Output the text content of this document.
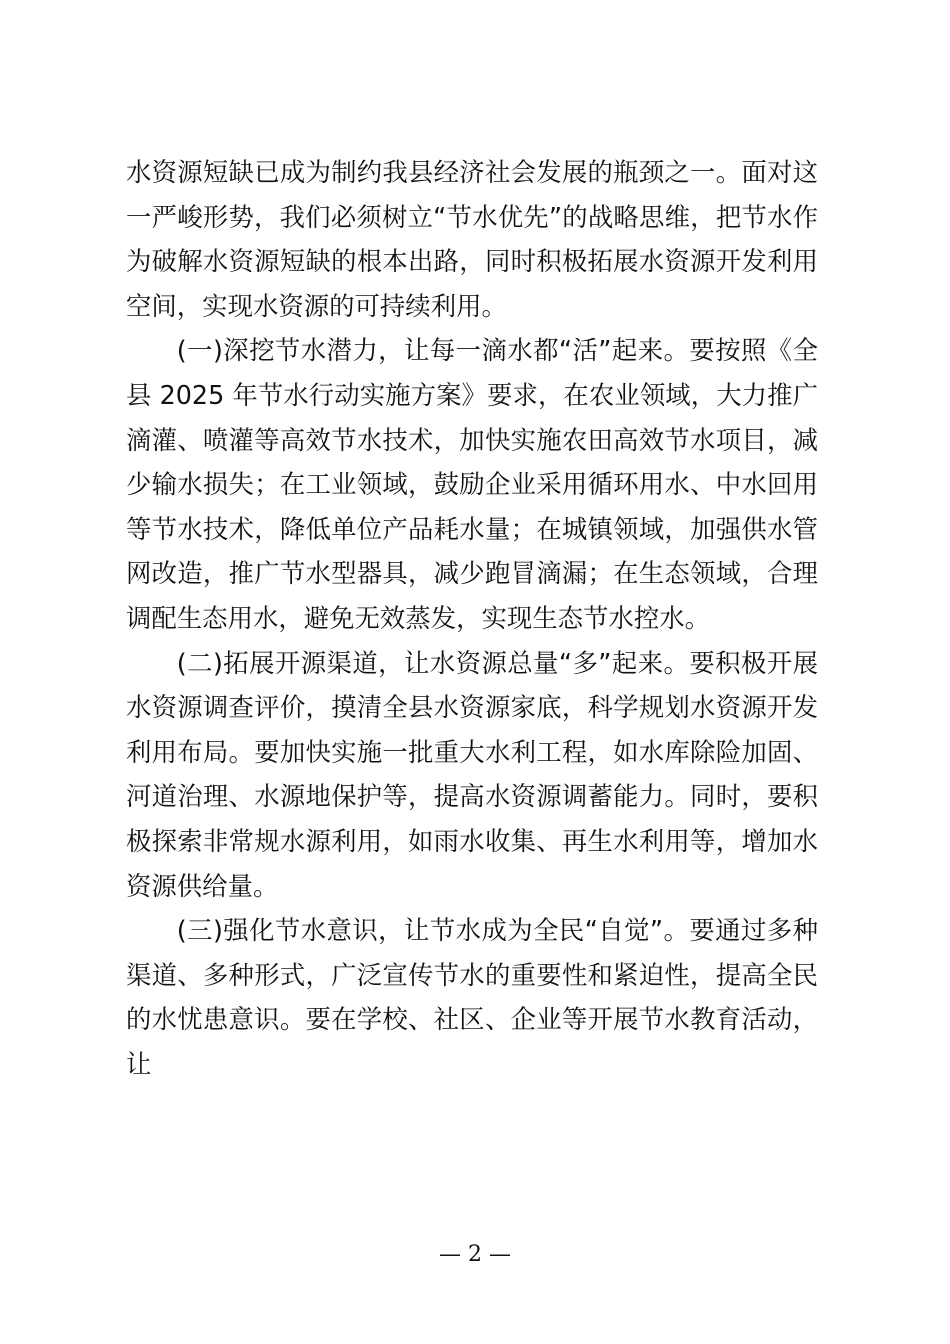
水资源短缺已成为制约我县经济社会发展的瓶颈之一。面对这一严峻形势，我们必须树立“节水优先”的战略思维，把节水作为破解水资源短缺的根本出路，同时积极拓展水资源开发利用空间，实现水资源的可持续利用。

(一)深挖节水潜力，让每一滴水都“活”起来。要按照《全县 2025 年节水行动实施方案》要求，在农业领域，大力推广滴灌、喷灌等高效节水技术，加快实施农田高效节水项目，减少输水损失；在工业领域，鼓励企业采用循环用水、中水回用等节水技术，降低单位产品耗水量；在城镇领域，加强供水管网改造，推广节水型器具，减少跑冒滴漏；在生态领域，合理调配生态用水，避免无效蒸发，实现生态节水控水。

(二)拓展开源渠道，让水资源总量“多”起来。要积极开展水资源调查评价，摸清全县水资源家底，科学规划水资源开发利用布局。要加快实施一批重大水利工程，如水库除险加固、河道治理、水源地保护等，提高水资源调蓄能力。同时，要积极探索非常规水源利用，如雨水收集、再生水利用等，增加水资源供给量。

(三)强化节水意识，让节水成为全民“自觉”。要通过多种渠道、多种形式，广泛宣传节水的重要性和紧迫性，提高全民的水忧患意识。要在学校、社区、企业等开展节水教育活动，让

— 2 —
